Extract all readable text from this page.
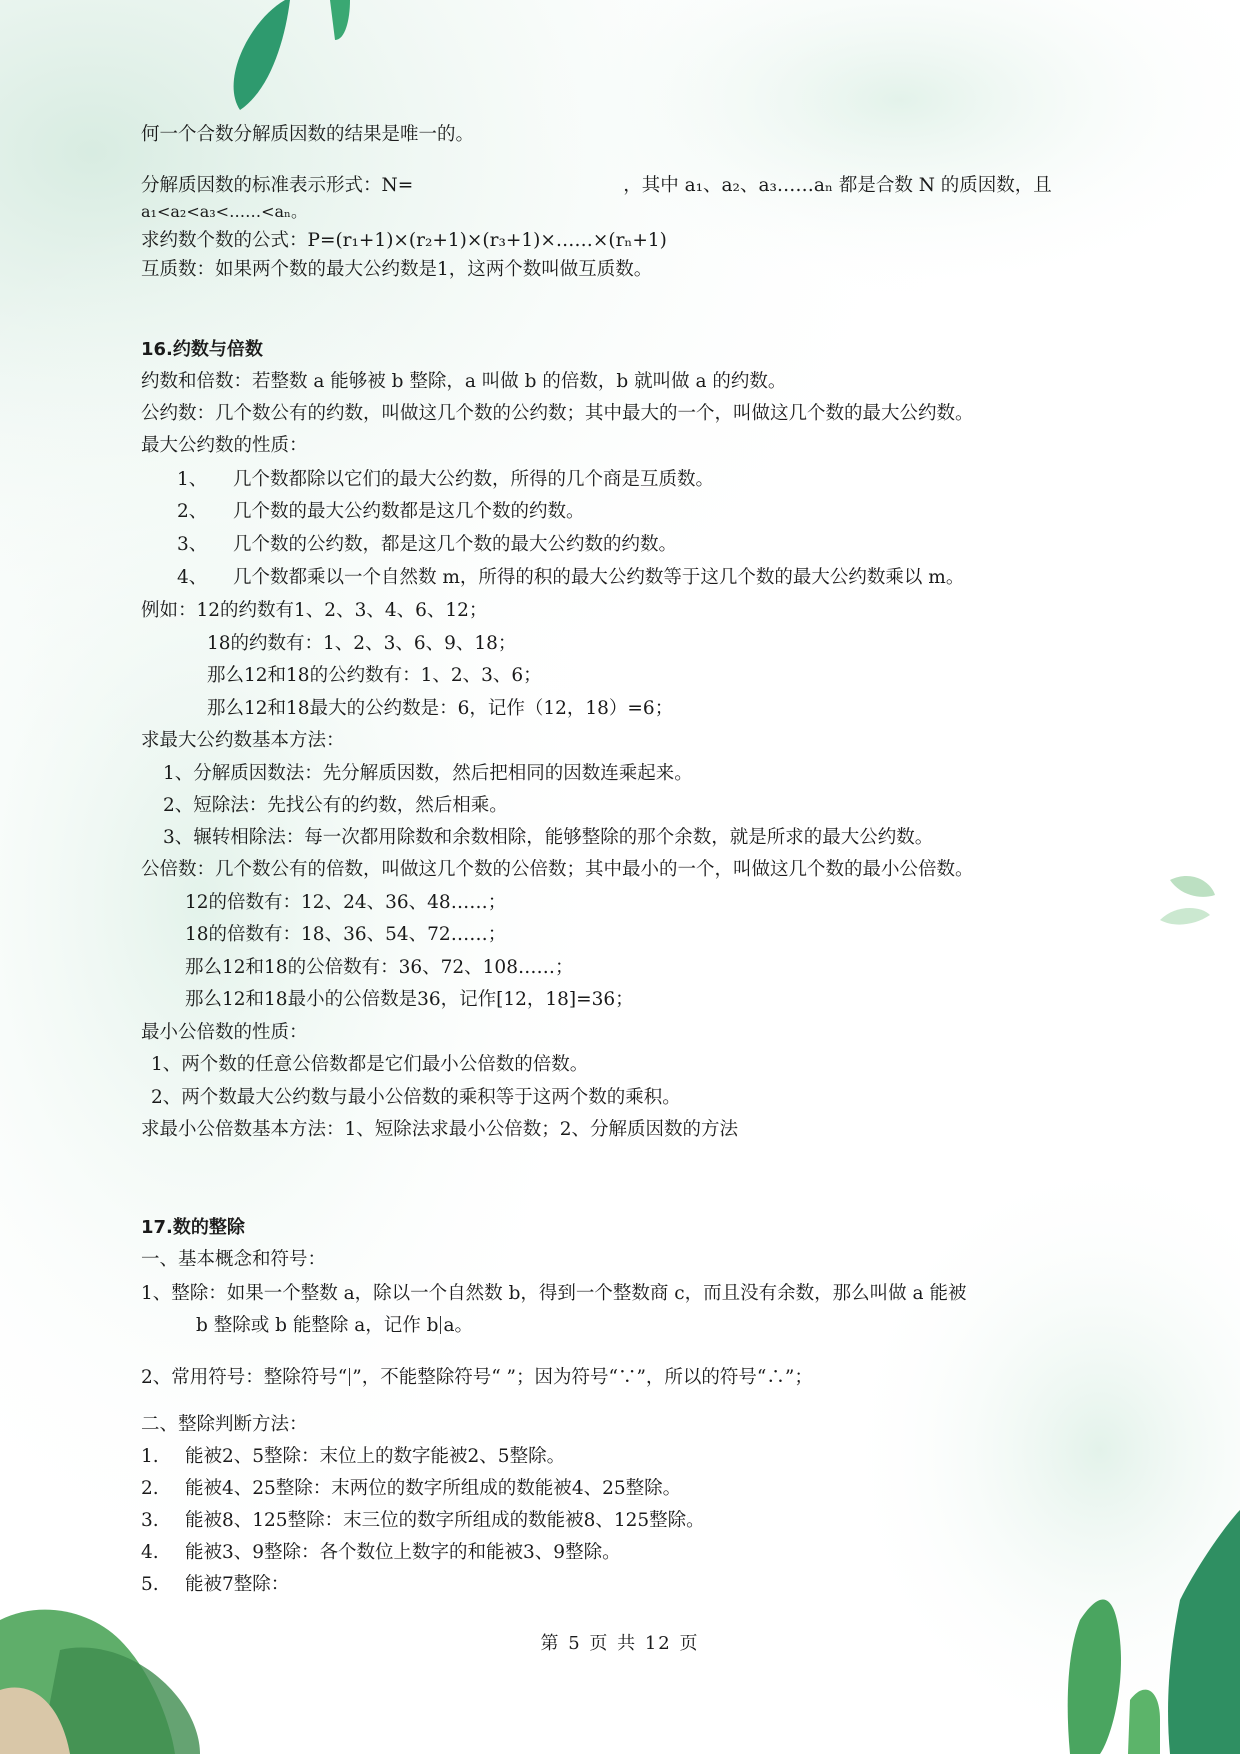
何一个合数分解质因数的结果是唯一的。
分解质因数的标准表示形式：N=	，其中 a₁、a₂、a₃……aₙ 都是合数 N 的质因数，且
a₁<a₂<a₃<……<aₙ。
求约数个数的公式：P=(r₁+1)×(r₂+1)×(r₃+1)×……×(rₙ+1)
互质数：如果两个数的最大公约数是1，这两个数叫做互质数。
16.约数与倍数
约数和倍数：若整数 a 能够被 b 整除，a 叫做 b 的倍数，b 就叫做 a 的约数。
公约数：几个数公有的约数，叫做这几个数的公约数；其中最大的一个，叫做这几个数的最大公约数。
最大公约数的性质：
1、 几个数都除以它们的最大公约数，所得的几个商是互质数。
2、 几个数的最大公约数都是这几个数的约数。
3、 几个数的公约数，都是这几个数的最大公约数的约数。
4、 几个数都乘以一个自然数 m，所得的积的最大公约数等于这几个数的最大公约数乘以 m。
例如：12的约数有1、2、3、4、6、12；
18的约数有：1、2、3、6、9、18；
那么12和18的公约数有：1、2、3、6；
那么12和18最大的公约数是：6，记作（12，18）=6；
求最大公约数基本方法：
1、分解质因数法：先分解质因数，然后把相同的因数连乘起来。
2、短除法：先找公有的约数，然后相乘。
3、辗转相除法：每一次都用除数和余数相除，能够整除的那个余数，就是所求的最大公约数。
公倍数：几个数公有的倍数，叫做这几个数的公倍数；其中最小的一个，叫做这几个数的最小公倍数。
12的倍数有：12、24、36、48……；
18的倍数有：18、36、54、72……；
那么12和18的公倍数有：36、72、108……；
那么12和18最小的公倍数是36，记作[12，18]=36；
最小公倍数的性质：
1、两个数的任意公倍数都是它们最小公倍数的倍数。
2、两个数最大公约数与最小公倍数的乘积等于这两个数的乘积。
求最小公倍数基本方法：1、短除法求最小公倍数；2、分解质因数的方法
17.数的整除
一、基本概念和符号：
1、整除：如果一个整数 a，除以一个自然数 b，得到一个整数商 c，而且没有余数，那么叫做 a 能被
b 整除或 b 能整除 a，记作 b a。
2、常用符号：整除符号“ ”，不能整除符号“ ”；因为符号“∵”，所以的符号“∴”；
二、整除判断方法：
1. 能被2、5整除：末位上的数字能被2、5整除。
2. 能被4、25整除：末两位的数字所组成的数能被4、25整除。
3. 能被8、125整除：末三位的数字所组成的数能被8、125整除。
4. 能被3、9整除：各个数位上数字的和能被3、9整除。
5. 能被7整除：
第 5 页 共 12 页
